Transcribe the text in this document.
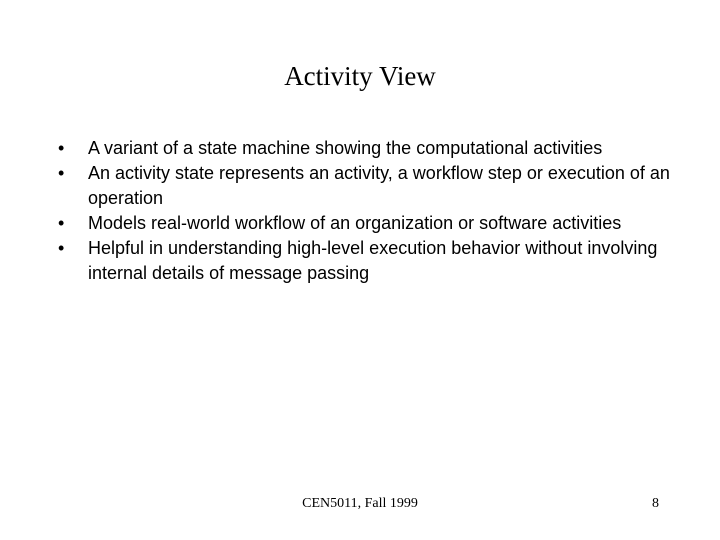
Activity View
• A variant of a state machine showing the computational activities
• An activity state represents an activity, a workflow step or execution of an operation
• Models real-world workflow of an organization or software activities
• Helpful in understanding high-level execution behavior without involving internal details of message passing
CEN5011, Fall 1999	8
